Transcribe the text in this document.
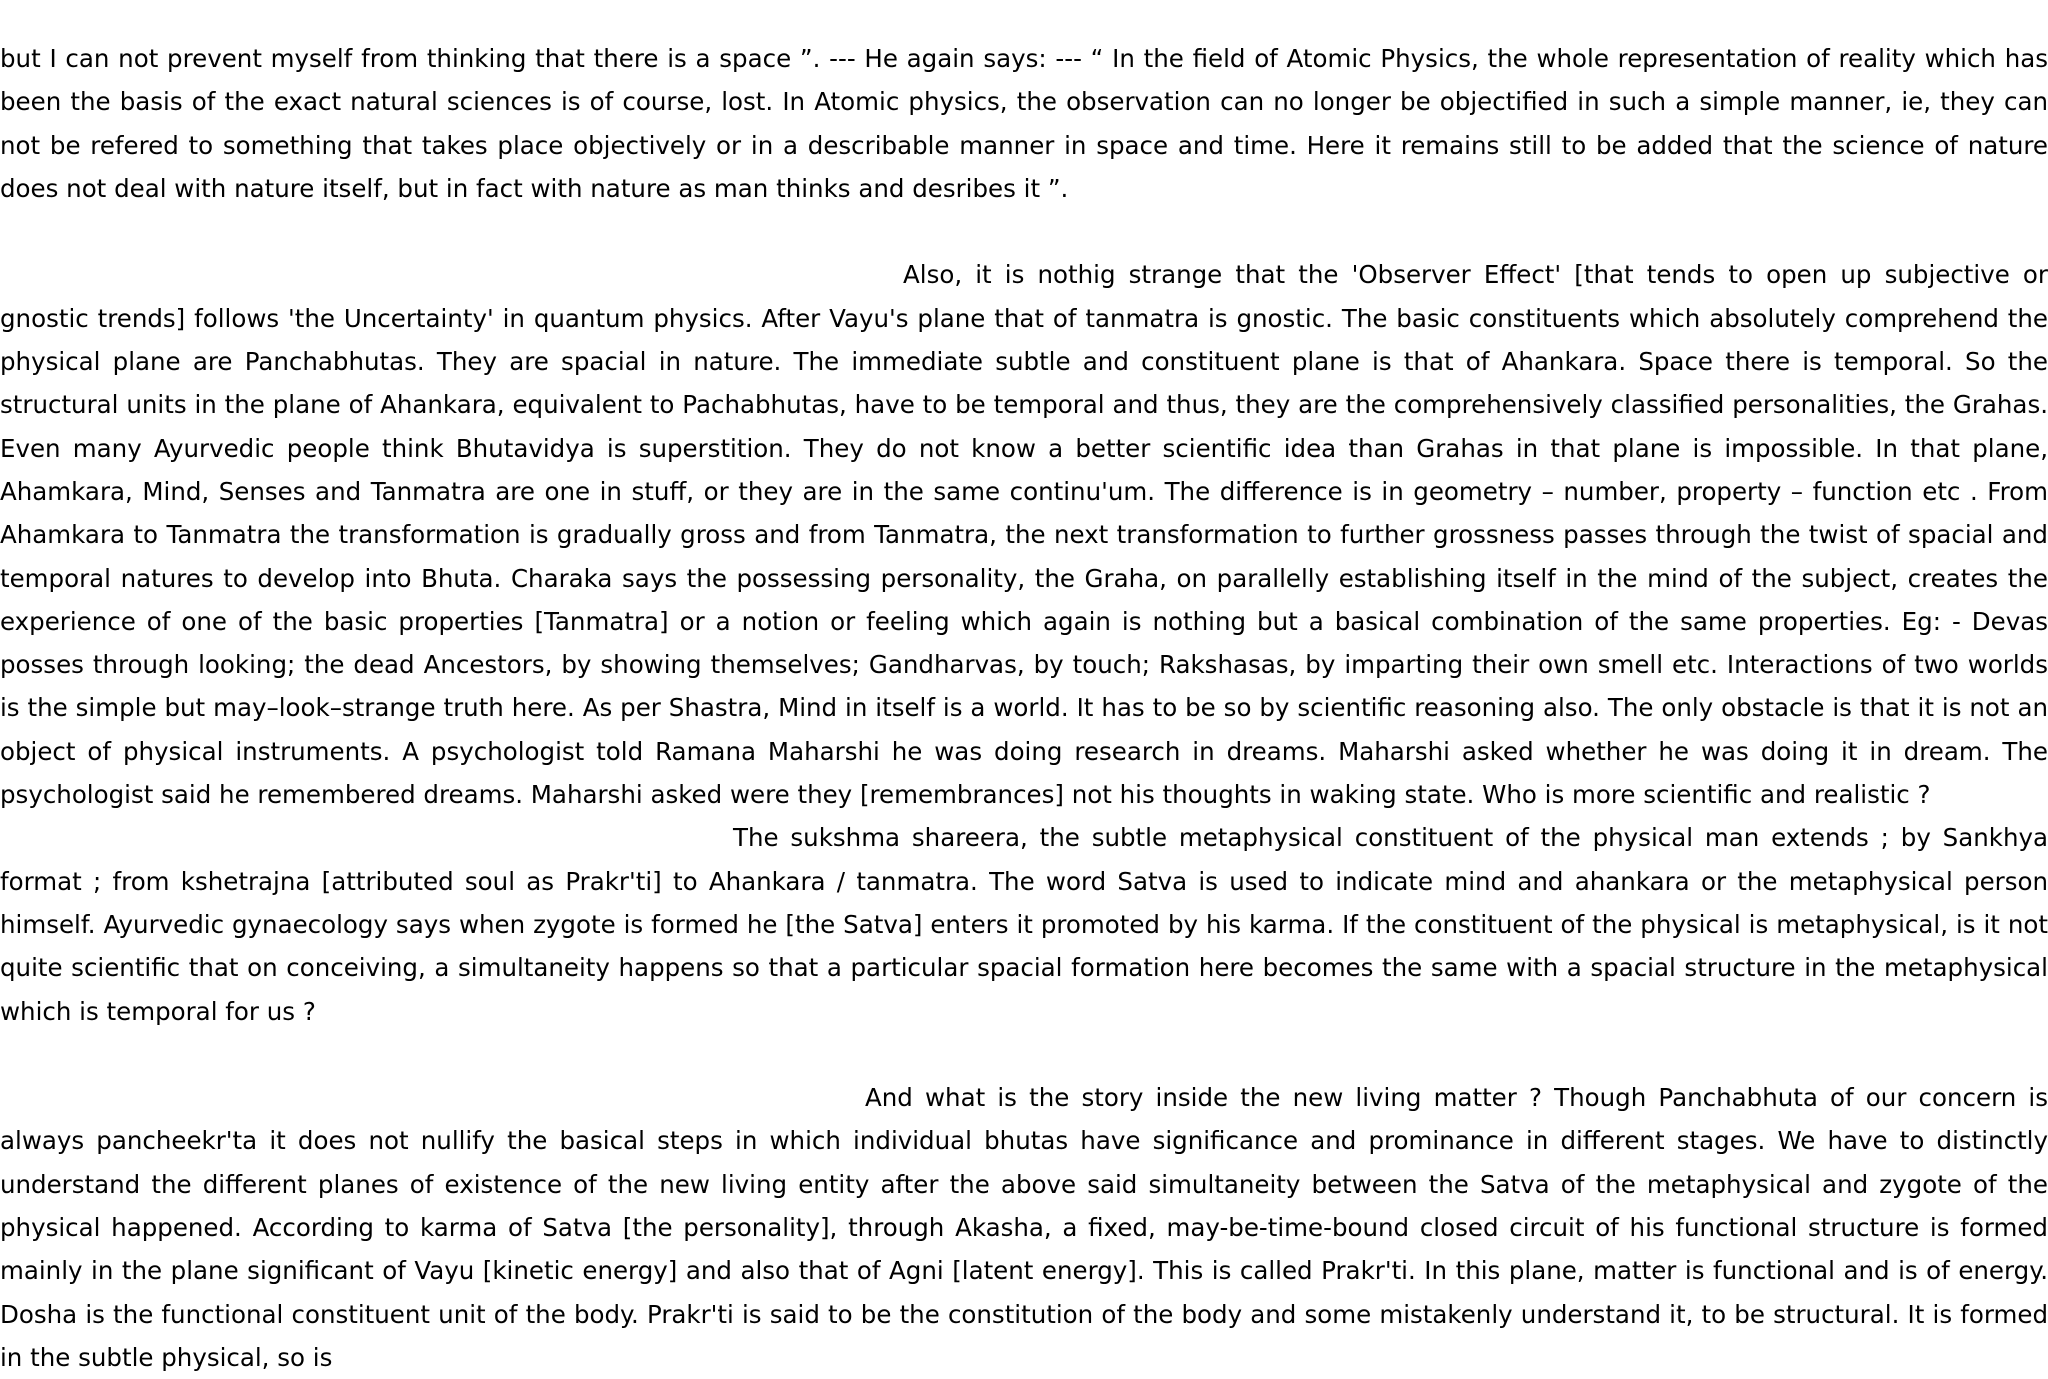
but I can not prevent myself from thinking that there is a space ”. --- He again says: --- “ In the field of Atomic Physics, the whole representation of reality which has been the basis of the exact natural sciences is of course, lost. In Atomic physics, the observation can no longer be objectified in such a simple manner, ie, they can not be refered to something that takes place objectively or in a describable manner in space and time. Here it remains still to be added that the science of nature does not deal with nature itself, but in fact with nature as man thinks and desribes it ”.

Also, it is nothig strange that the 'Observer Effect' [that tends to open up subjective or gnostic trends] follows 'the Uncertainty' in quantum physics. After Vayu's plane that of tanmatra is gnostic. The basic constituents which absolutely comprehend the physical plane are Panchabhutas. They are spacial in nature. The immediate subtle and constituent plane is that of Ahankara. Space there is temporal. So the structural units in the plane of Ahankara, equivalent to Pachabhutas, have to be temporal and thus, they are the comprehensively classified personalities, the Grahas. Even many Ayurvedic people think Bhutavidya is superstition. They do not know a better scientific idea than Grahas in that plane is impossible. In that plane, Ahamkara, Mind, Senses and Tanmatra are one in stuff, or they are in the same continu'um. The difference is in geometry – number, property – function etc . From Ahamkara to Tanmatra the transformation is gradually gross and from Tanmatra, the next transformation to further grossness passes through the twist of spacial and temporal natures to develop into Bhuta. Charaka says the possessing personality, the Graha, on parallelly establishing itself in the mind of the subject, creates the experience of one of the basic properties [Tanmatra] or a notion or feeling which again is nothing but a basical combination of the same properties. Eg: - Devas posses through looking; the dead Ancestors, by showing themselves; Gandharvas, by touch; Rakshasas, by imparting their own smell etc. Interactions of two worlds is the simple but may–look–strange truth here. As per Shastra, Mind in itself is a world. It has to be so by scientific reasoning also. The only obstacle is that it is not an object of physical instruments. A psychologist told Ramana Maharshi he was doing research in dreams. Maharshi asked whether he was doing it in dream. The psychologist said he remembered dreams. Maharshi asked were they [remembrances] not his thoughts in waking state. Who is more scientific and realistic ?

The sukshma shareera, the subtle metaphysical constituent of the physical man extends ; by Sankhya format ; from kshetrajna [attributed soul as Prakr'ti] to Ahankara / tanmatra. The word Satva is used to indicate mind and ahankara or the metaphysical person himself. Ayurvedic gynaecology says when zygote is formed he [the Satva] enters it promoted by his karma. If the constituent of the physical is metaphysical, is it not quite scientific that on conceiving, a simultaneity happens so that a particular spacial formation here becomes the same with a spacial structure in the metaphysical which is temporal for us ?

And what is the story inside the new living matter ? Though Panchabhuta of our concern is always pancheekr'ta it does not nullify the basical steps in which individual bhutas have significance and prominance in different stages. We have to distinctly understand the different planes of existence of the new living entity after the above said simultaneity between the Satva of the metaphysical and zygote of the physical happened. According to karma of Satva [the personality], through Akasha, a fixed, may-be-time-bound closed circuit of his functional structure is formed mainly in the plane significant of Vayu [kinetic energy] and also that of Agni [latent energy]. This is called Prakr'ti. In this plane, matter is functional and is of energy. Dosha is the functional constituent unit of the body. Prakr'ti is said to be the constitution of the body and some mistakenly understand it, to be structural. It is formed in the subtle physical, so is
